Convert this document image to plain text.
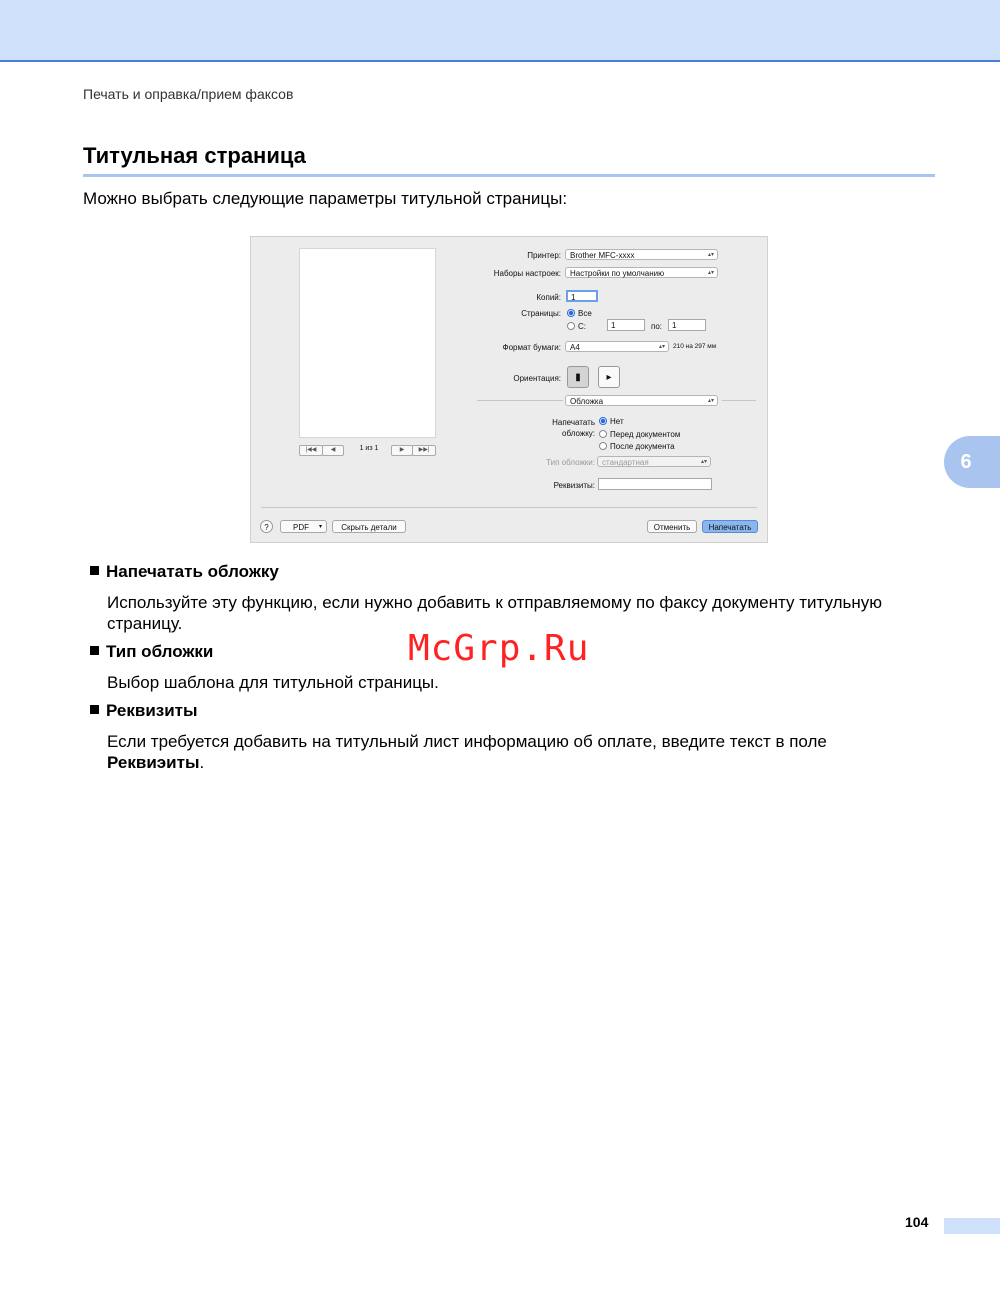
Печать и оправка/прием факсов
Титульная страница
Можно выбрать следующие параметры титульной страницы:
6
|◀◀	◀	1 из 1	▶	▶▶|
Принтер:	Brother MFC-xxxx	▴▾
Наборы настроек:	Настройки по умолчанию	▴▾
Копий:	1
Страницы: Все
С:	1	по:	1
Формат бумаги:	A4	▴▾ 210 на 297 мм
Ориентация:	▮	▸
Обложка	▴▾
Напечатать
обложку:
Нет
Перед документом
После документа
Тип обложки: стандартная	▴▾
Реквизиты:
?	PDF ▾	Скрыть детали	Отменить	Напечатать
Напечатать обложку
Используйте эту функцию, если нужно добавить к отправляемому по факсу документу титульную страницу.
Тип обложки
Выбор шаблона для титульной страницы.
Реквизиты
Если требуется добавить на титульный лист информацию об оплате, введите текст в поле
Реквиэиты.
McGrp.Ru
104
